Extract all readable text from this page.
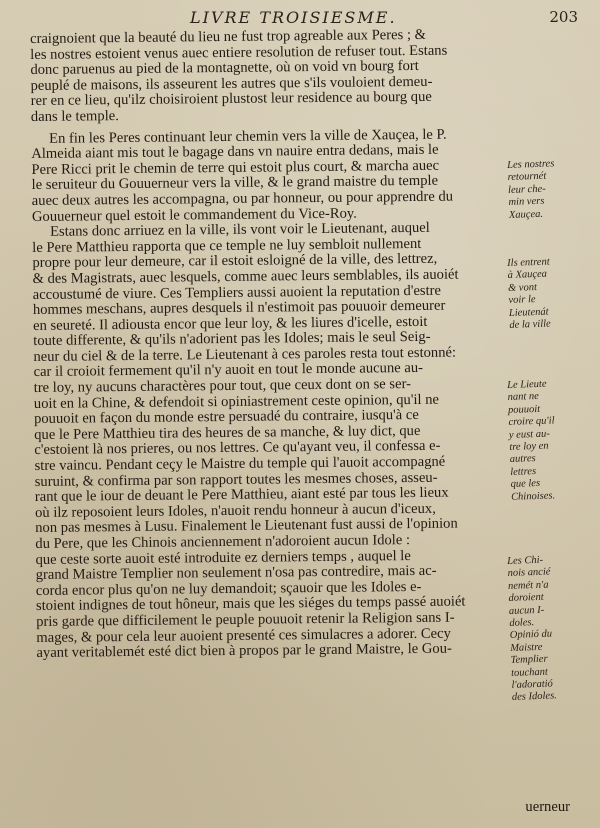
LIVRE TROISIESME.	203
craignoient que la beauté du lieu ne fust trop agreable aux Peres ; &
les nostres estoient venus auec entiere resolution de refuser tout. Estans
donc paruenus au pied de la montagnette, où on void vn bourg fort
peuplé de maisons, ils asseurent les autres que s'ils vouloient demeu-
rer en ce lieu, qu'ilz choisiroient plustost leur residence au bourg que
dans le temple.
En fin les Peres continuant leur chemin vers la ville de Xauçea, le P.
Almeida aiant mis tout le bagage dans vn nauire entra dedans, mais le
Pere Ricci prit le chemin de terre qui estoit plus court, & marcha auec
le seruiteur du Gouuerneur vers la ville, & le grand maistre du temple
auec deux autres les accompagna, ou par honneur, ou pour apprendre du
Gouuerneur quel estoit le commandement du Vice-Roy.
Estans donc arriuez en la ville, ils vont voir le Lieutenant, auquel
le Pere Matthieu rapporta que ce temple ne luy sembloit nullement
propre pour leur demeure, car il estoit esloigné de la ville, des lettrez,
& des Magistrats, auec lesquels, comme auec leurs semblables, ils auoiét
accoustumé de viure. Ces Templiers aussi auoient la reputation d'estre
hommes meschans, aupres desquels il n'estimoit pas pouuoir demeurer
en seureté. Il adiousta encor que leur loy, & les liures d'icelle, estoit
toute differente, & qu'ils n'adorient pas les Idoles; mais le seul Seig-
neur du ciel & de la terre. Le Lieutenant à ces paroles resta tout estonné:
car il croioit fermement qu'il n'y auoit en tout le monde aucune au-
tre loy, ny aucuns charactères pour tout, que ceux dont on se ser-
uoit en la Chine, & defendoit si opiniastrement ceste opinion, qu'il ne
pouuoit en façon du monde estre persuadé du contraire, iusqu'à ce
que le Pere Matthieu tira des heures de sa manche, & luy dict, que
c'estoient là nos prieres, ou nos lettres. Ce qu'ayant veu, il confessa e-
stre vaincu. Pendant ceçy le Maistre du temple qui l'auoit accompagné
suruint, & confirma par son rapport toutes les mesmes choses, asseu-
rant que le iour de deuant le Pere Matthieu, aiant esté par tous les lieux
où ilz reposoient leurs Idoles, n'auoit rendu honneur à aucun d'iceux,
non pas mesmes à Lusu. Finalement le Lieutenant fust aussi de l'opinion
du Pere, que les Chinois anciennement n'adoroient aucun Idole :
que ceste sorte auoit esté introduite ez derniers temps , auquel le
grand Maistre Templier non seulement n'osa pas contredire, mais ac-
corda encor plus qu'on ne luy demandoit; sçauoir que les Idoles e-
stoient indignes de tout hôneur, mais que les siéges du temps passé auoiét
pris garde que difficilement le peuple pouuoit retenir la Religion sans I-
mages, & pour cela leur auoient presenté ces simulacres a adorer. Cecy
ayant veritablemét esté dict bien à propos par le grand Maistre, le Gou-
Les nostres
retournét
leur che-
min vers
Xauçea.
Ils entrent
à Xauçea
& vont
voir le
Lieutenát
de la ville
Le Lieute
nant ne
pouuoit
croire qu'il
y eust au-
tre loy en
autres
lettres
que les
Chinoises.
Les Chi-
nois ancié
nemét n'a
doroient
aucun I-
doles.
Opinió du
Maistre
Templier
touchant
l'adoratió
des Idoles.
uerneur
